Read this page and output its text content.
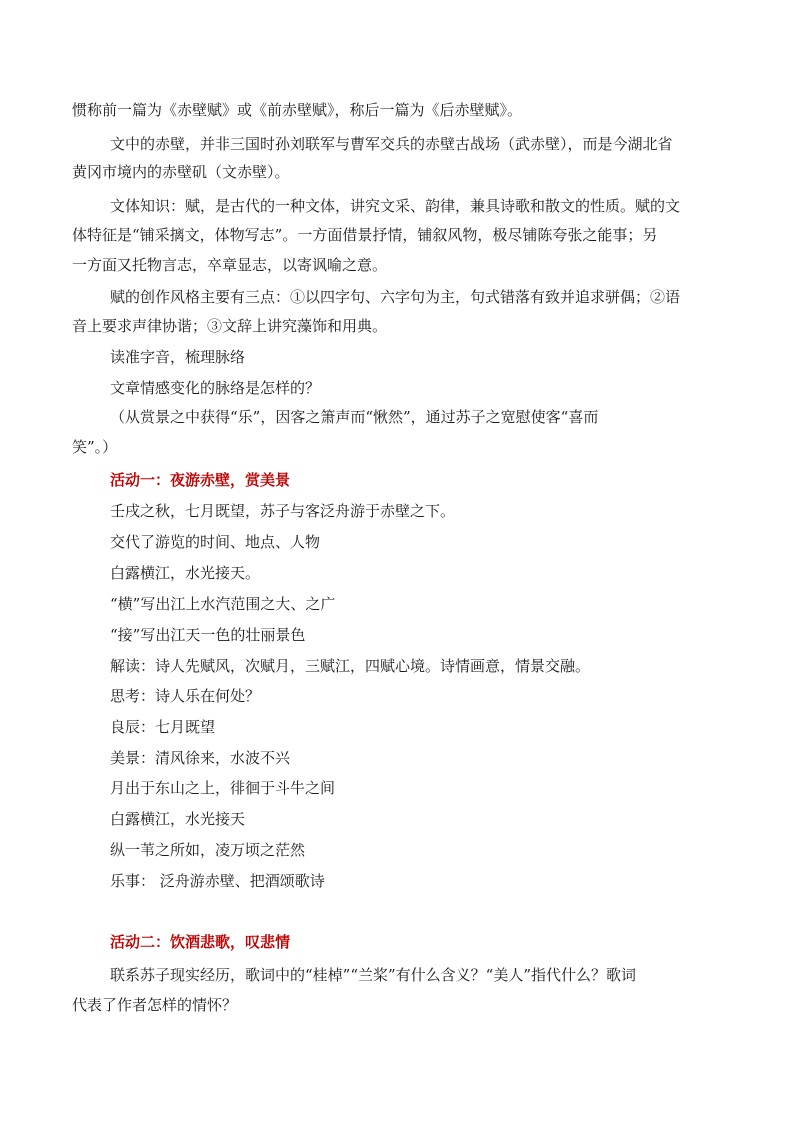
惯称前一篇为《赤壁赋》或《前赤壁赋》，称后一篇为《后赤壁赋》。
文中的赤壁，并非三国时孙刘联军与曹军交兵的赤壁古战场（武赤壁），而是今湖北省
黄冈市境内的赤壁矶（文赤壁）。
文体知识：赋，是古代的一种文体，讲究文采、韵律，兼具诗歌和散文的性质。赋的文
体特征是“铺采摛文，体物写志”。一方面借景抒情，铺叙风物，极尽铺陈夸张之能事；另
一方面又托物言志，卒章显志，以寄讽喻之意。
赋的创作风格主要有三点：①以四字句、六字句为主，句式错落有致并追求骈偶；②语
音上要求声律协谐；③文辞上讲究藻饰和用典。
读准字音，梳理脉络
文章情感变化的脉络是怎样的？
（从赏景之中获得“乐”，因客之箫声而“愀然”，通过苏子之宽慰使客“喜而
笑”。）
活动一：夜游赤壁，赏美景
壬戌之秋，七月既望，苏子与客泛舟游于赤壁之下。
交代了游览的时间、地点、人物
白露横江，水光接天。
“横”写出江上水汽范围之大、之广
“接”写出江天一色的壮丽景色
解读：诗人先赋风，次赋月，三赋江，四赋心境。诗情画意，情景交融。
思考：诗人乐在何处？
良辰：七月既望
美景：清风徐来，水波不兴
月出于东山之上，徘徊于斗牛之间
白露横江，水光接天
纵一苇之所如，凌万顷之茫然
乐事： 泛舟游赤壁、把酒颂歌诗
活动二：饮酒悲歌，叹悲情
联系苏子现实经历，歌词中的“桂棹”“兰桨”有什么含义？“美人”指代什么？歌词
代表了作者怎样的情怀？
